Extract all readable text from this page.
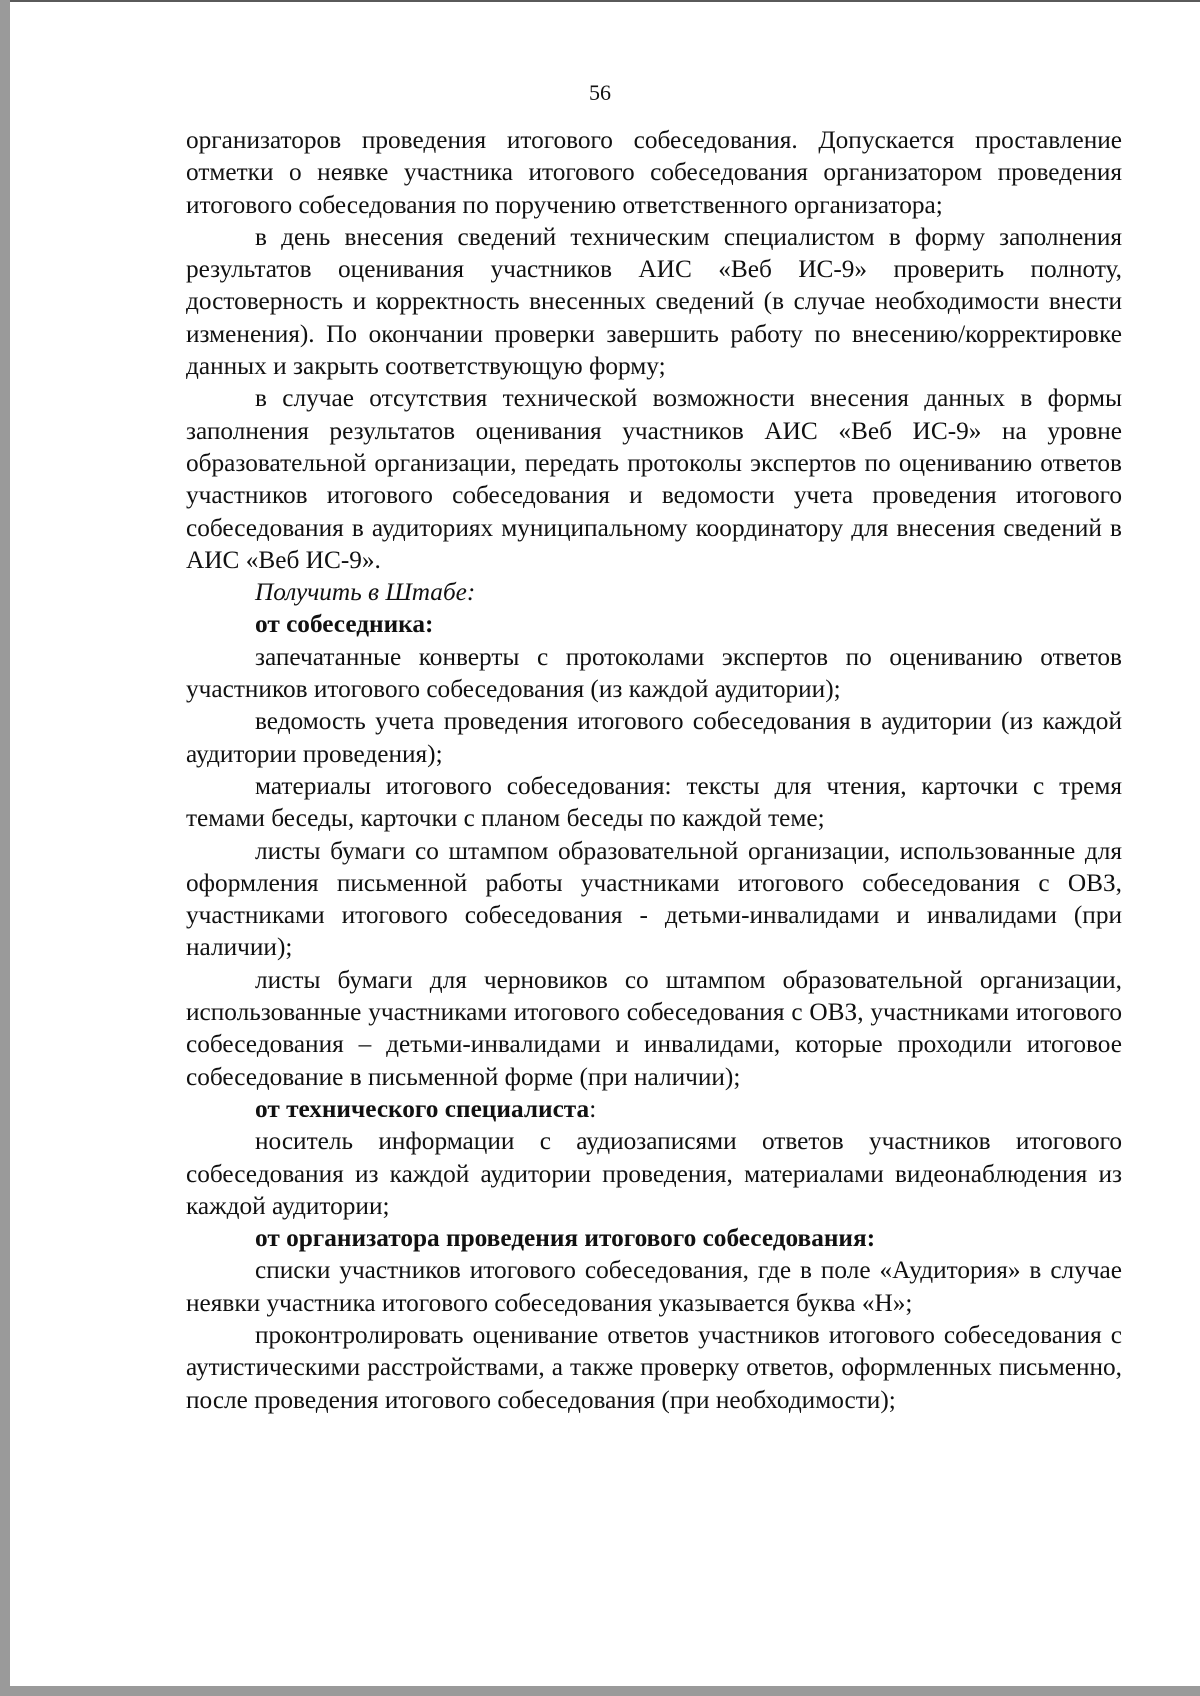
56

организаторов проведения итогового собеседования. Допускается проставление отметки о неявке участника итогового собеседования организатором проведения итогового собеседования по поручению ответственного организатора;

в день внесения сведений техническим специалистом в форму заполнения результатов оценивания участников АИС «Веб ИС-9» проверить полноту, достоверность и корректность внесенных сведений (в случае необходимости внести изменения). По окончании проверки завершить работу по внесению/корректировке данных и закрыть соответствующую форму;

в случае отсутствия технической возможности внесения данных в формы заполнения результатов оценивания участников АИС «Веб ИС-9» на уровне образовательной организации, передать протоколы экспертов по оцениванию ответов участников итогового собеседования и ведомости учета проведения итогового собеседования в аудиториях муниципальному координатору для внесения сведений в АИС «Веб ИС-9».

Получить в Штабе:

от собеседника:

запечатанные конверты с протоколами экспертов по оцениванию ответов участников итогового собеседования (из каждой аудитории);

ведомость учета проведения итогового собеседования в аудитории (из каждой аудитории проведения);

материалы итогового собеседования: тексты для чтения, карточки с тремя темами беседы, карточки с планом беседы по каждой теме;

листы бумаги со штампом образовательной организации, использованные для оформления письменной работы участниками итогового собеседования с ОВЗ, участниками итогового собеседования - детьми-инвалидами и инвалидами (при наличии);

листы бумаги для черновиков со штампом образовательной организации, использованные участниками итогового собеседования с ОВЗ, участниками итогового собеседования – детьми-инвалидами и инвалидами, которые проходили итоговое собеседование в письменной форме (при наличии);

от технического специалиста:

носитель информации с аудиозаписями ответов участников итогового собеседования из каждой аудитории проведения, материалами видеонаблюдения из каждой аудитории;

от организатора проведения итогового собеседования:

списки участников итогового собеседования, где в поле «Аудитория» в случае неявки участника итогового собеседования указывается буква «Н»;

проконтролировать оценивание ответов участников итогового собеседования с аутистическими расстройствами, а также проверку ответов, оформленных письменно, после проведения итогового собеседования (при необходимости);
